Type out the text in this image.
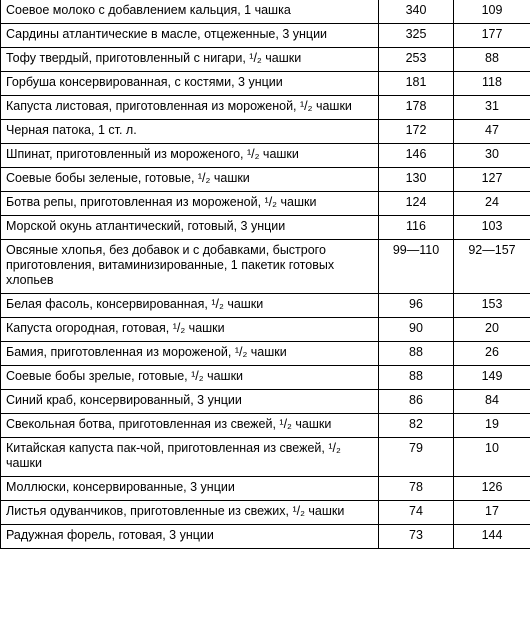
Соевое молоко с добавлением кальция, 1 чашка	340	109
Сардины атлантические в масле, отцеженные, 3 унции	325	177
Тофу твердый, приготовленный с нигари, ¹/₂ чашки	253	88
Горбуша консервированная, с костями, 3 унции	181	118
Капуста листовая, приготовленная из мороженой, ¹/₂ чашки	178	31
Черная патока, 1 ст. л.	172	47
Шпинат, приготовленный из мороженого, ¹/₂ чашки	146	30
Соевые бобы зеленые, готовые, ¹/₂ чашки	130	127
Ботва репы, приготовленная из мороженой, ¹/₂ чашки	124	24
Морской окунь атлантический, готовый, 3 унции	116	103
Овсяные хлопья, без добавок и с добавками, быстрого приготовления, витаминизированные, 1 пакетик готовых хлопьев	99—110	92—157
Белая фасоль, консервированная, ¹/₂ чашки	96	153
Капуста огородная, готовая, ¹/₂ чашки	90	20
Бамия, приготовленная из мороженой, ¹/₂ чашки	88	26
Соевые бобы зрелые, готовые, ¹/₂ чашки	88	149
Синий краб, консервированный, 3 унции	86	84
Свекольная ботва, приготовленная из свежей, ¹/₂ чашки	82	19
Китайская капуста пак-чой, приготовленная из свежей, ¹/₂ чашки	79	10
Моллюски, консервированные, 3 унции	78	126
Листья одуванчиков, приготовленные из свежих, ¹/₂ чашки	74	17
Радужная форель, готовая, 3 унции	73	144
